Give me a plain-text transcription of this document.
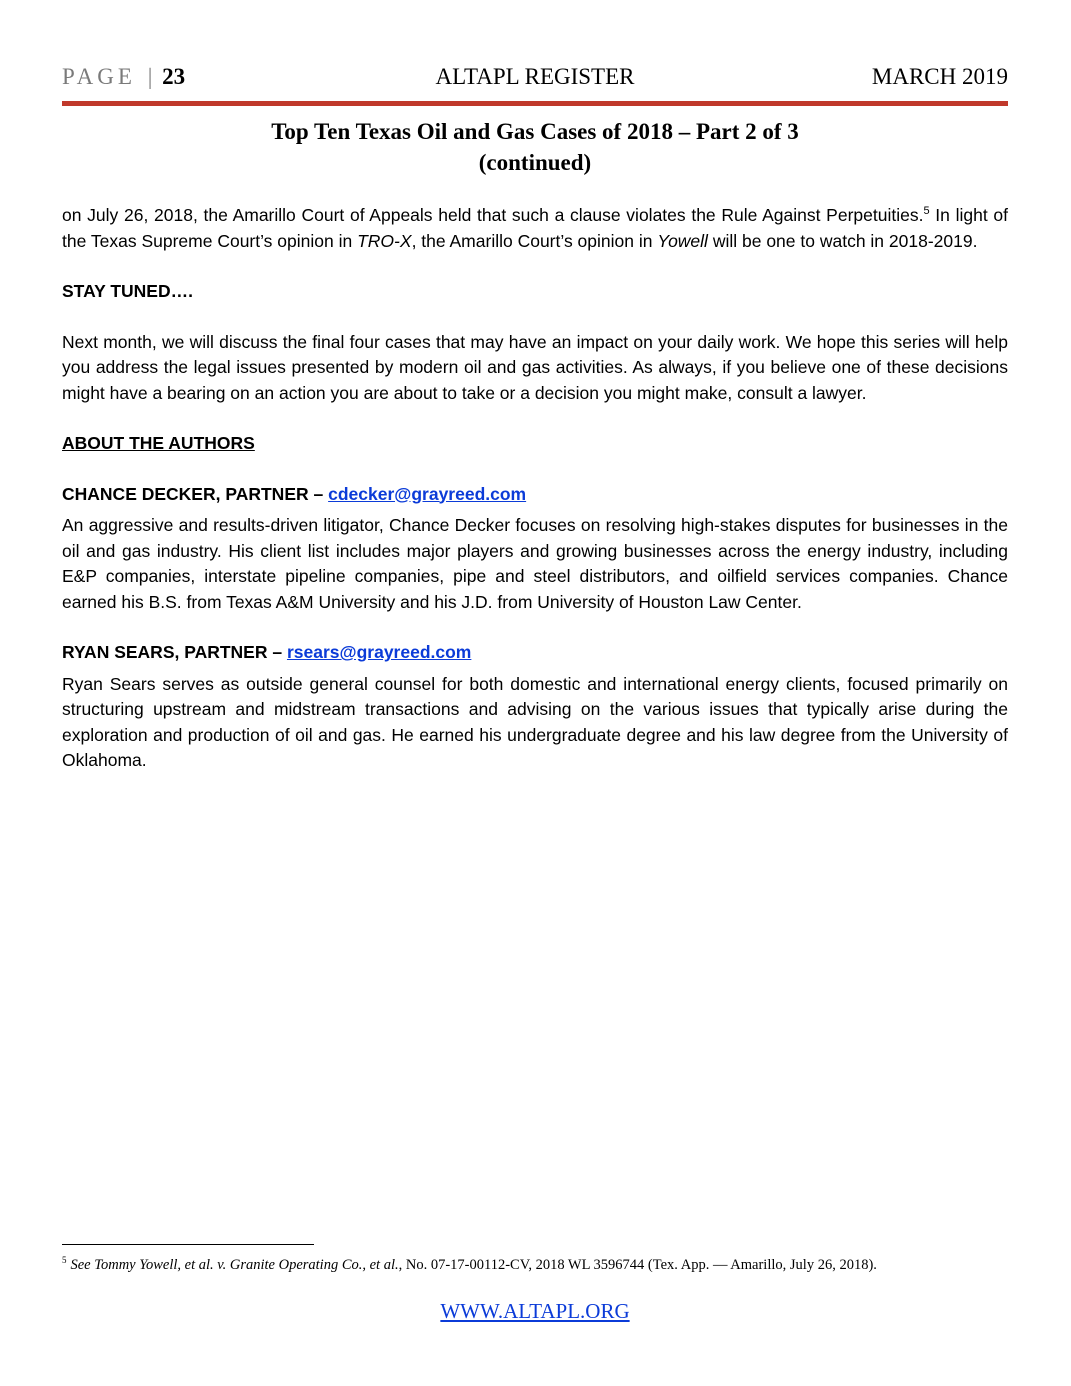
PAGE | 23	ALTAPL REGISTER	MARCH 2019
Top Ten Texas Oil and Gas Cases of 2018 – Part 2 of 3
(continued)

on July 26, 2018, the Amarillo Court of Appeals held that such a clause violates the Rule Against Perpetuities.$^5$ In light of the Texas Supreme Court’s opinion in TRO-X, the Amarillo Court’s opinion in Yowell will be one to watch in 2018-2019.

STAY TUNED….

Next month, we will discuss the final four cases that may have an impact on your daily work. We hope this series will help you address the legal issues presented by modern oil and gas activities. As always, if you believe one of these decisions might have a bearing on an action you are about to take or a decision you might make, consult a lawyer.

ABOUT THE AUTHORS

CHANCE DECKER, PARTNER – cdecker@grayreed.com

An aggressive and results-driven litigator, Chance Decker focuses on resolving high-stakes disputes for businesses in the oil and gas industry. His client list includes major players and growing businesses across the energy industry, including E&P companies, interstate pipeline companies, pipe and steel distributors, and oilfield services companies. Chance earned his B.S. from Texas A&M University and his J.D. from University of Houston Law Center.

RYAN SEARS, PARTNER – rsears@grayreed.com

Ryan Sears serves as outside general counsel for both domestic and international energy clients, focused primarily on structuring upstream and midstream transactions and advising on the various issues that typically arise during the exploration and production of oil and gas. He earned his undergraduate degree and his law degree from the University of Oklahoma.

$^5$ See Tommy Yowell, et al. v. Granite Operating Co., et al., No. 07-17-00112-CV, 2018 WL 3596744 (Tex. App. — Amarillo, July 26, 2018).
WWW.ALTAPL.ORG
